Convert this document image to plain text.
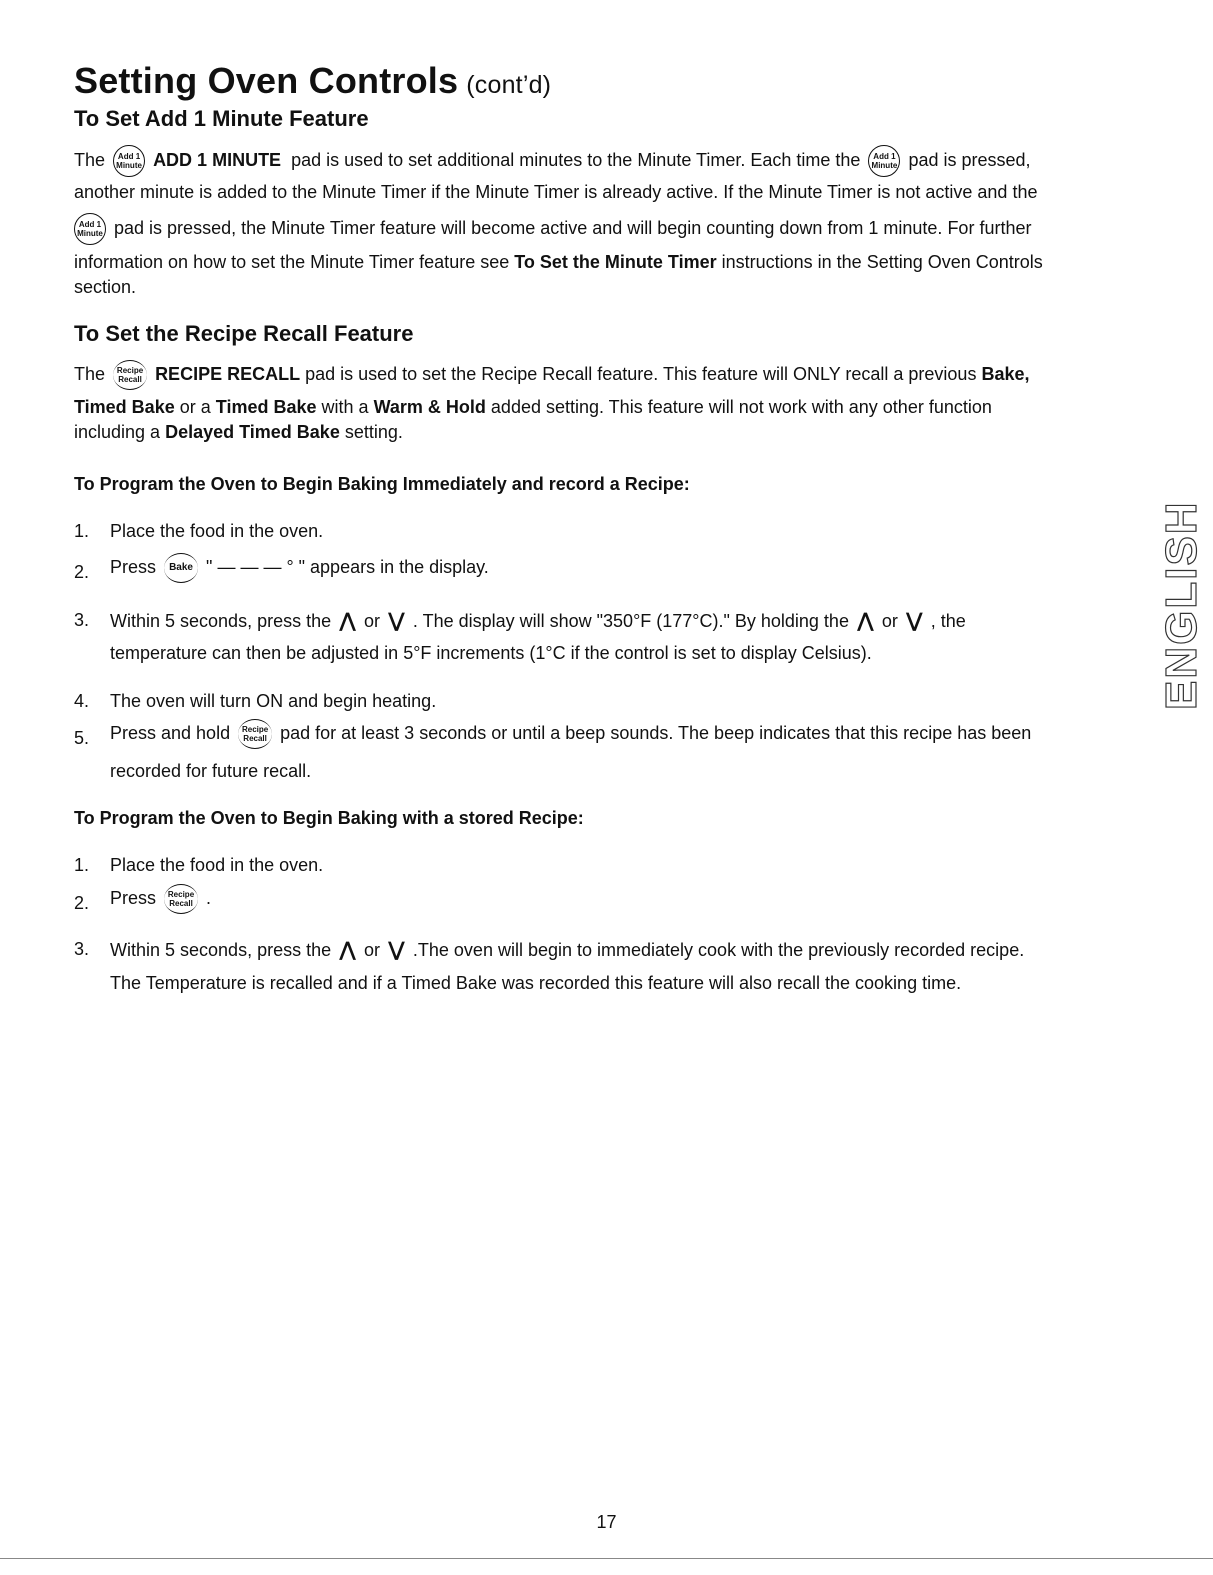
Setting Oven Controls (cont’d)
To Set Add 1 Minute Feature
The Add 1
Minute ADD 1 MINUTE pad is used to set additional minutes to the Minute Timer. Each time the Add 1
Minute pad is pressed,
another minute is added to the Minute Timer if the Minute Timer is already active. If the Minute Timer is not active and the
Add 1
Minute pad is pressed, the Minute Timer feature will become active and will begin counting down from 1 minute. For further
information on how to set the Minute Timer feature see To Set the Minute Timer instructions in the Setting Oven Controls
section.
To Set the Recipe Recall Feature
The Recipe
Recall RECIPE RECALL pad is used to set the Recipe Recall feature. This feature will ONLY recall a previous Bake,
Timed Bake or a Timed Bake with a Warm & Hold added setting. This feature will not work with any other function
including a Delayed Timed Bake setting.
To Program the Oven to Begin Baking Immediately and record a Recipe:
1. Place the food in the oven.
2. Press Bake " — — — ° " appears in the display.
3. Within 5 seconds, press the ⋀ or ⋁ . The display will show "350°F (177°C)." By holding the ⋀ or ⋁ , the
temperature can then be adjusted in 5°F increments (1°C if the control is set to display Celsius).
4. The oven will turn ON and begin heating.
5. Press and hold Recipe
Recall pad for at least 3 seconds or until a beep sounds. The beep indicates that this recipe has been
recorded for future recall.
To Program the Oven to Begin Baking with a stored Recipe:
1. Place the food in the oven.
2. Press Recipe
Recall .
3. Within 5 seconds, press the ⋀ or ⋁ .The oven will begin to immediately cook with the previously recorded recipe.
The Temperature is recalled and if a Timed Bake was recorded this feature will also recall the cooking time.
ENGLISH
17
